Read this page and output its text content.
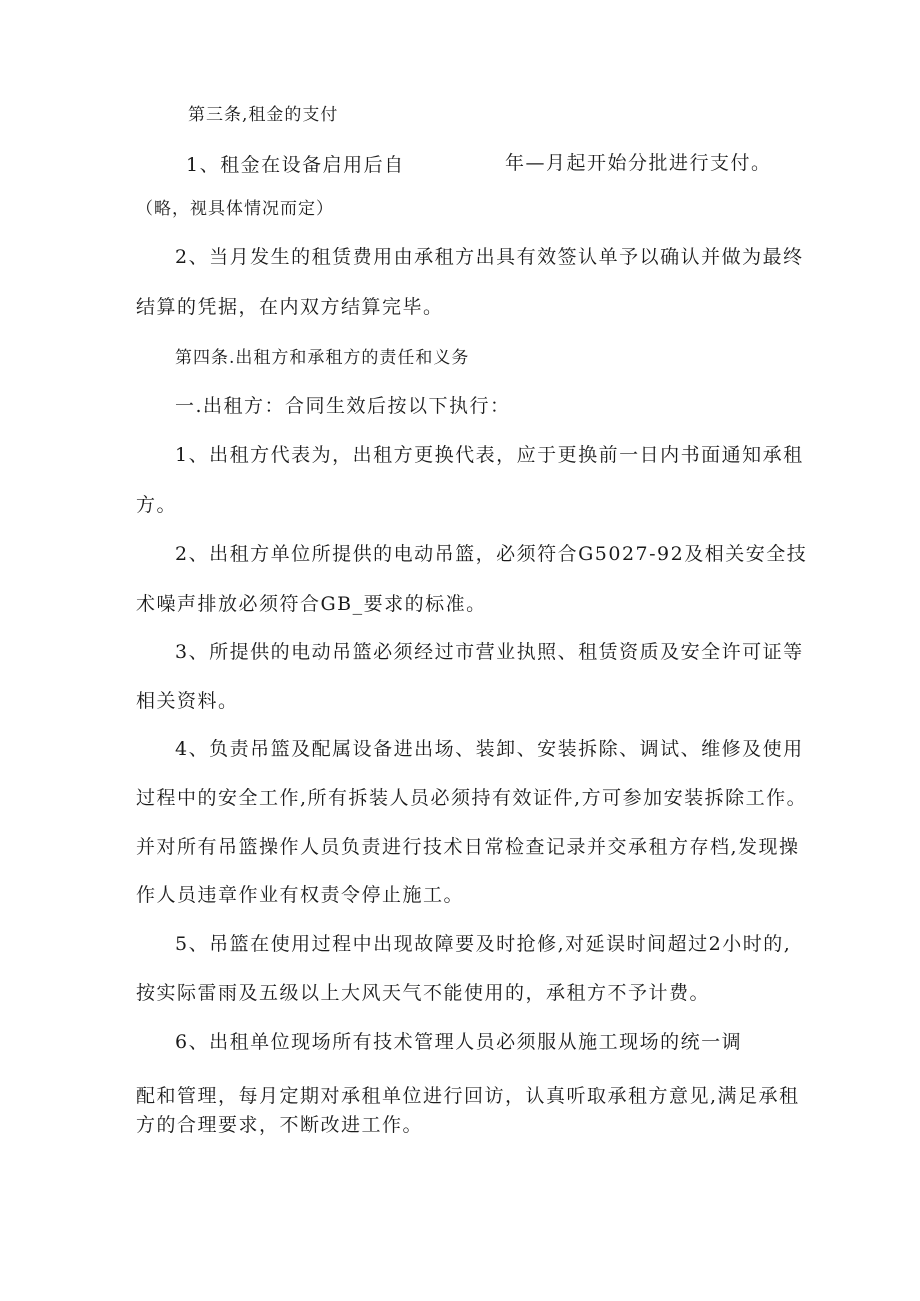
第三条,租金的支付

1、租金在设备启用后自	年—月起开始分批进行支付。

（略，视具体情况而定）

2、当月发生的租赁费用由承租方出具有效签认单予以确认并做为最终

结算的凭据，在内双方结算完毕。

第四条.出租方和承租方的责任和义务

一.出租方：合同生效后按以下执行：

1、出租方代表为，出租方更换代表，应于更换前一日内书面通知承租

方。

2、出租方单位所提供的电动吊篮，必须符合G5027-92及相关安全技

术噪声排放必须符合GB_要求的标准。

3、所提供的电动吊篮必须经过市营业执照、租赁资质及安全许可证等

相关资料。

4、负责吊篮及配属设备进出场、装卸、安装拆除、调试、维修及使用

过程中的安全工作,所有拆装人员必须持有效证件,方可参加安装拆除工作。

并对所有吊篮操作人员负责进行技术日常检查记录并交承租方存档,发现操

作人员违章作业有权责令停止施工。

5、吊篮在使用过程中出现故障要及时抢修,对延误时间超过2小时的,

按实际雷雨及五级以上大风天气不能使用的，承租方不予计费。

6、出租单位现场所有技术管理人员必须服从施工现场的统一调

配和管理，每月定期对承租单位进行回访，认真听取承租方意见,满足承租

方的合理要求，不断改进工作。
